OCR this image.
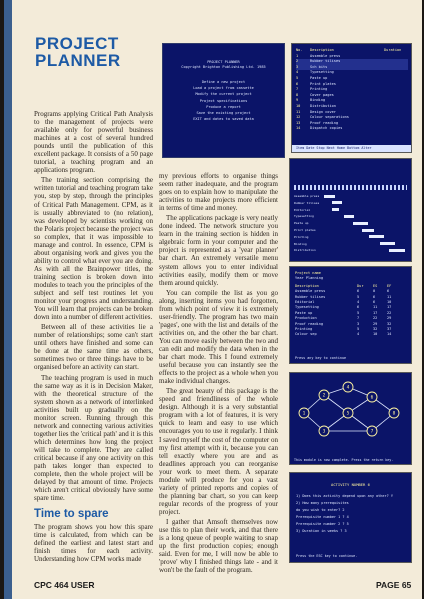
PROJECT
PLANNER

Programs applying Critical Path Analysis to the management of projects were available only for powerful business machines at a cost of several hundred pounds until the publication of this excellent package. It consists of a 50 page tutorial, a teaching program and an applications program.

The training section comprising the written tutorial and teaching program take you, step by step, through the principles of Critical Path Management. CPM, as it is usually abbreviated to (no relation), was developed by scientists working on the Polaris project because the project was so complex, that it was impossible to manage and control. In essence, CPM is about organising work and gives you the ability to control what ever you are doing. As with all the Brainpower titles, the training section is broken down into modules to teach you the principles of the subject and self test routines let you monitor your progress and understanding. You will learn that projects can be broken down into a number of different activities.

Between all of these activities lie a number of relationships; some can't start until others have finished and some can be done at the same time as others, sometimes two or three things have to be organised before an activity can start.

The teaching program is used in much the same way as it is in Decision Maker, with the theoretical structure of the system shown as a network of interlinked activities built up gradually on the monitor screen. Running through this network and connecting various activities together lies the 'critical path' and it is this which determines how long the project will take to complete. They are called critical because if any one activity on this path takes longer than expected to complete, then the whole project will be delayed by that amount of time. Projects which aren't critical obviously have some spare time.

Time to spare

The program shows you how this spare time is calculated, from which can be defined the earliest and latest start and finish times for each activity. Understanding how CPM works made

my previous efforts to organise things seem rather inadequate, and the program goes on to explain how to manipulate the activities to make projects more efficient in terms of time and money.

The applications package is very neatly done indeed. The network structure you learn in the training section is hidden in algebraic form in your computer and the project is represented as a 'year planner' bar chart. An extremely versatile menu system allows you to enter individual activities easily, modify them or move them around quickly.

You can compile the list as you go along, inserting items you had forgotten, from which point of view it is extremely user-friendly. The program has two main 'pages', one with the list and details of the activities on, and the other the bar chart. You can move easily between the two and can edit and modify the data when in the bar chart mode. This I found extremely useful because you can instantly see the effects to the project as a whole when you make individual changes.

The great beauty of this package is the speed and friendliness of the whole design. Although it is a very substantial program with a lot of features, it is very quick to learn and easy to use which encourages you to use it regularly. I think I saved myself the cost of the computer on my first attempt with it, because you can tell exactly where you are and as deadlines approach you can reorganise your work to meet them. A separate module will produce for you a vast variety of printed reports and copies of the planning bar chart, so you can keep regular records of the progress of your project.

I gather that Amsoft themselves now use this to plan their work, and that there is a long queue of people waiting to snap up the first production copies; enough said. Even for me, I will now be able to 'prove' why I finished things late - and it won't be the fault of the program.

PROJECT PLANNER
Copyright Brighton Publishing Ltd. 1985
Define a new project
Load a project from cassette
Modify the current project
Project specifications
Produce a report
Save the existing project
EXIT and dates to saved data
No.	Description	Duration
1	Assemble press
2	Rubber tilises
3	Sch bits
4	Typesetting
5	Paste up
6	Print plates
7	Printing
8	Cover pages
9	Binding
10	Distribution
11	Design cover
12	Colour separations
13	Proof reading
14	Dispatch copies
Item Date Stop Next Home Bottom Alter
Assemble press
Rubber tilises
Editorial
Typesetting
Paste up
Print plates
Printing
Binding
Distribution
Project name
Year Planning
Description	Dur	ES	EF
Assemble press	6	0	6
Rubber tilises	5	6	11
Editorial	4	6	10
Typesetting	6	11	17
Paste up	5	17	22
Production	7	22	29
Proof reading	3	29	32
Printing	5	32	37
Colour sep	4	10	14
Press any key to continue
1
2
3
4
5
6
7
8
This module is now complete. Press the return key.
ACTIVITY NUMBER 6
1) Does this activity depend upon any other? Y
2) How many prerequisites
do you wish to enter? 2
Prerequisite number 1 ? 4
Prerequisite number 2 ? 5
3) Duration in weeks ? 3
Press the ESC key to continue.
CPC 464 USER	PAGE 65
